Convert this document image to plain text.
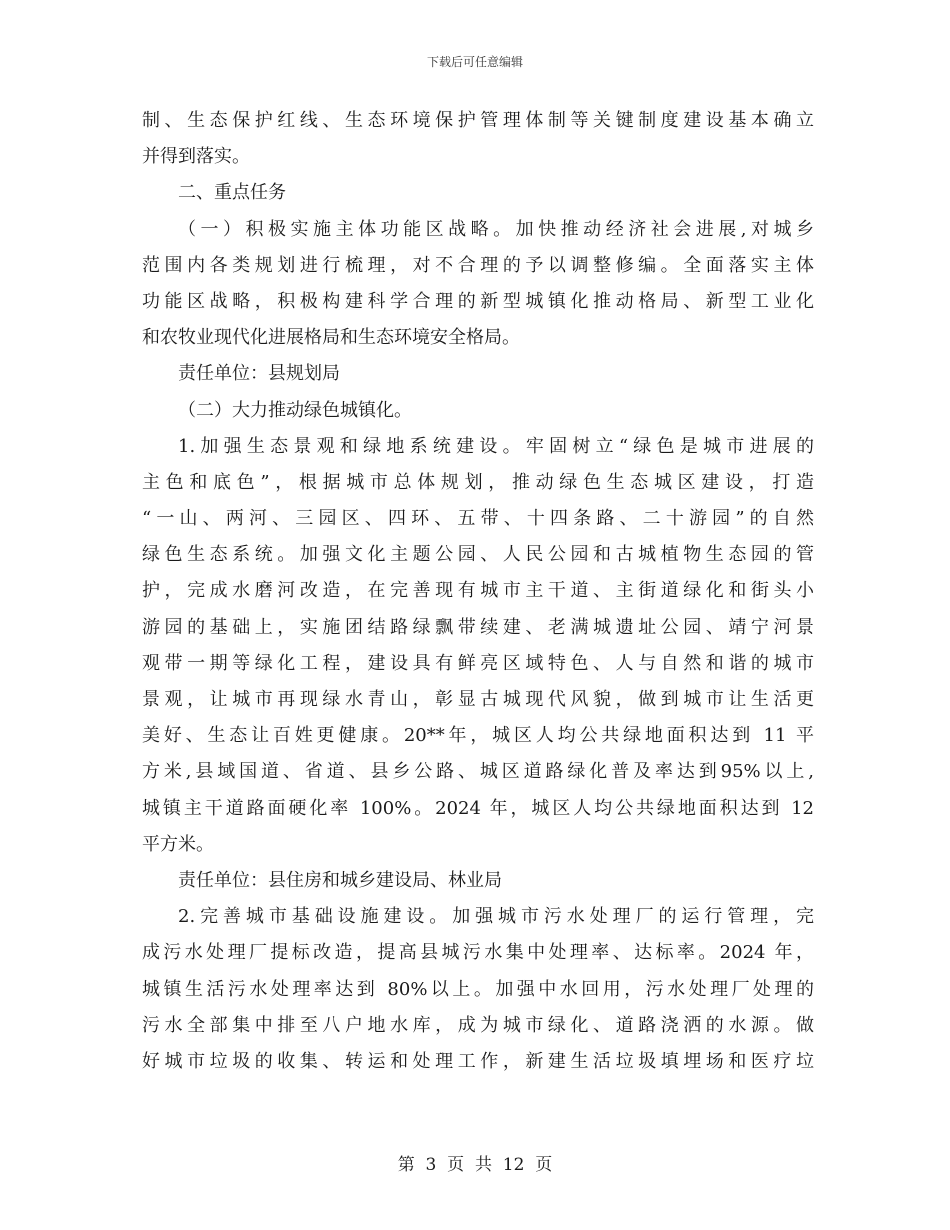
下载后可任意编辑
制、生态保护红线、生态环境保护管理体制等关键制度建设基本确立
并得到落实。
二、重点任务
（一）积极实施主体功能区战略。加快推动经济社会进展,对城乡
范围内各类规划进行梳理，对不合理的予以调整修编。全面落实主体
功能区战略，积极构建科学合理的新型城镇化推动格局、新型工业化
和农牧业现代化进展格局和生态环境安全格局。
责任单位：县规划局
（二）大力推动绿色城镇化。
1.加强生态景观和绿地系统建设。牢固树立“绿色是城市进展的
主色和底色”，根据城市总体规划，推动绿色生态城区建设，打造
“一山、两河、三园区、四环、五带、十四条路、二十游园”的自然
绿色生态系统。加强文化主题公园、人民公园和古城植物生态园的管
护，完成水磨河改造，在完善现有城市主干道、主街道绿化和街头小
游园的基础上，实施团结路绿飘带续建、老满城遗址公园、靖宁河景
观带一期等绿化工程，建设具有鲜亮区域特色、人与自然和谐的城市
景观，让城市再现绿水青山，彰显古城现代风貌，做到城市让生活更
美好、生态让百姓更健康。20**年，城区人均公共绿地面积达到 11 平
方米,县域国道、省道、县乡公路、城区道路绿化普及率达到95%以上,
城镇主干道路面硬化率 100%。2024 年，城区人均公共绿地面积达到 12
平方米。
责任单位：县住房和城乡建设局、林业局
2.完善城市基础设施建设。加强城市污水处理厂的运行管理，完
成污水处理厂提标改造，提高县城污水集中处理率、达标率。2024 年，
城镇生活污水处理率达到 80%以上。加强中水回用，污水处理厂处理的
污水全部集中排至八户地水库，成为城市绿化、道路浇洒的水源。做
好城市垃圾的收集、转运和处理工作，新建生活垃圾填埋场和医疗垃
第  3  页  共  12  页
